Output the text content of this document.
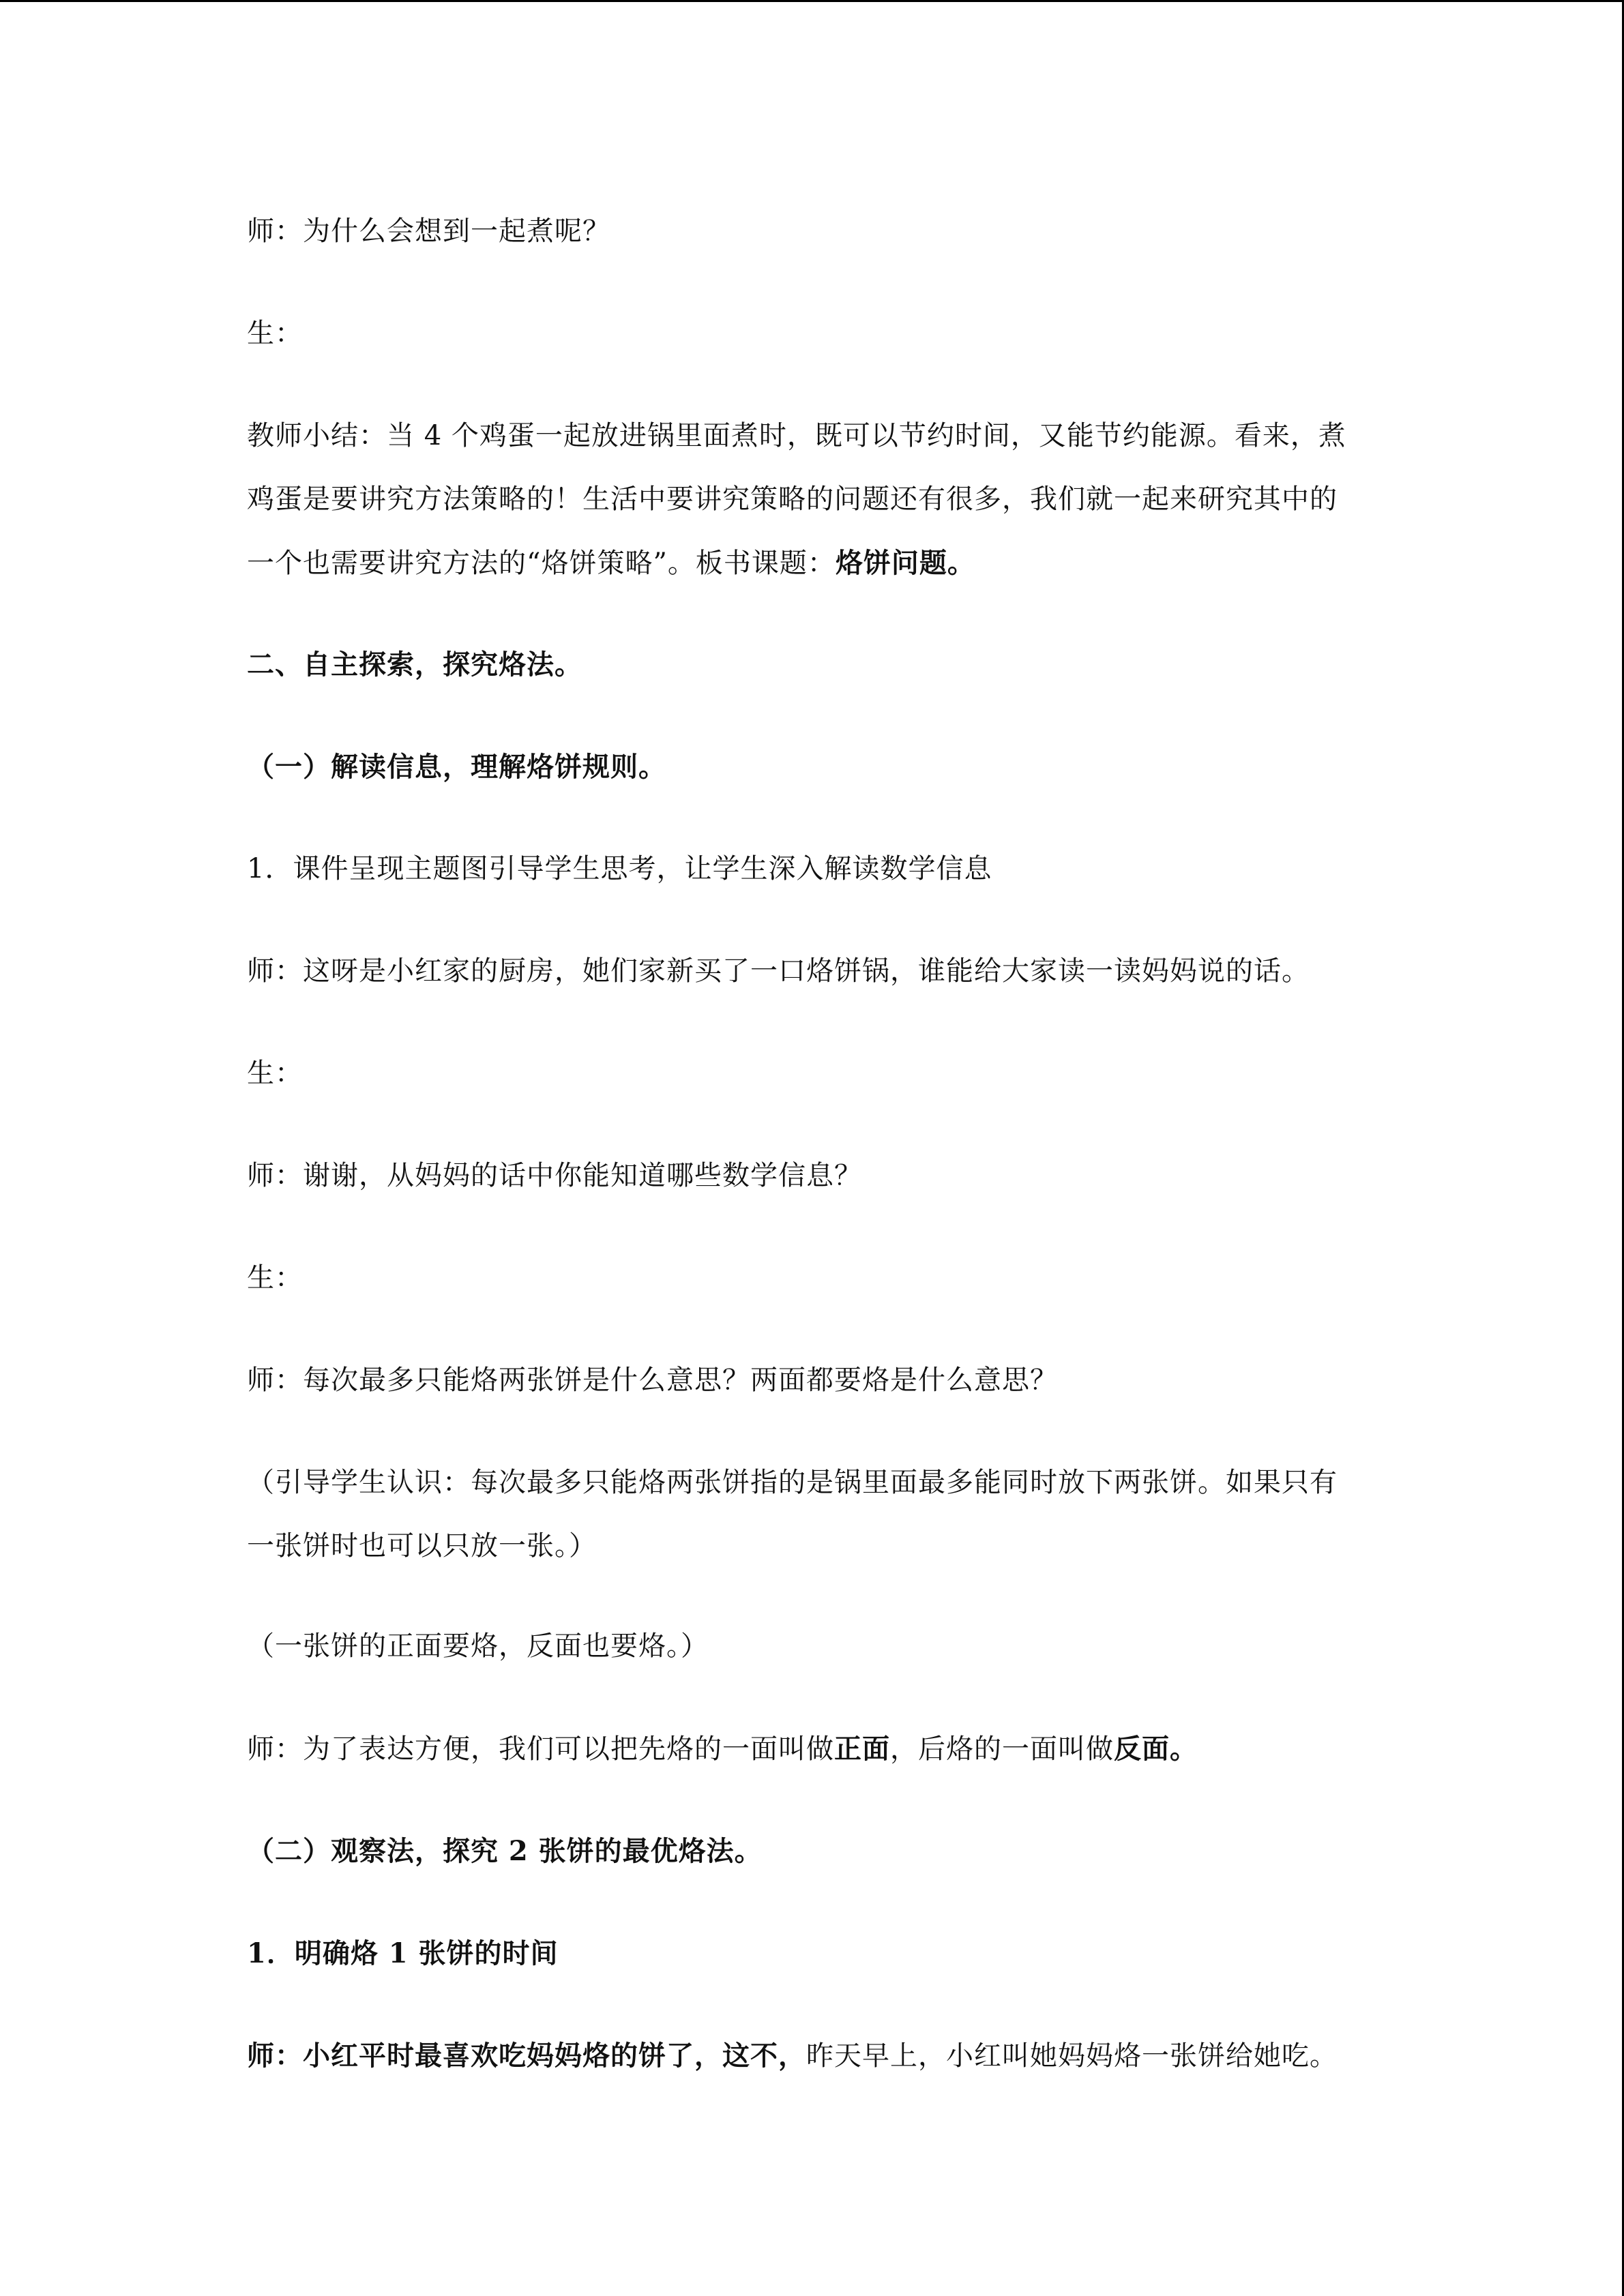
师：为什么会想到一起煮呢？

生：

教师小结：当 4 个鸡蛋一起放进锅里面煮时，既可以节约时间，又能节约能源。看来，煮
鸡蛋是要讲究方法策略的！生活中要讲究策略的问题还有很多，我们就一起来研究其中的
一个也需要讲究方法的“烙饼策略”。板书课题：烙饼问题。

二、自主探索，探究烙法。

（一）解读信息，理解烙饼规则。

1．课件呈现主题图引导学生思考，让学生深入解读数学信息

师：这呀是小红家的厨房，她们家新买了一口烙饼锅，谁能给大家读一读妈妈说的话。

生：

师：谢谢，从妈妈的话中你能知道哪些数学信息？

生：

师：每次最多只能烙两张饼是什么意思？两面都要烙是什么意思？

（引导学生认识：每次最多只能烙两张饼指的是锅里面最多能同时放下两张饼。如果只有
一张饼时也可以只放一张。）

（一张饼的正面要烙，反面也要烙。）

师：为了表达方便，我们可以把先烙的一面叫做正面，后烙的一面叫做反面。

（二）观察法，探究 2 张饼的最优烙法。

1．明确烙 1 张饼的时间

师：小红平时最喜欢吃妈妈烙的饼了，这不，昨天早上，小红叫她妈妈烙一张饼给她吃。
